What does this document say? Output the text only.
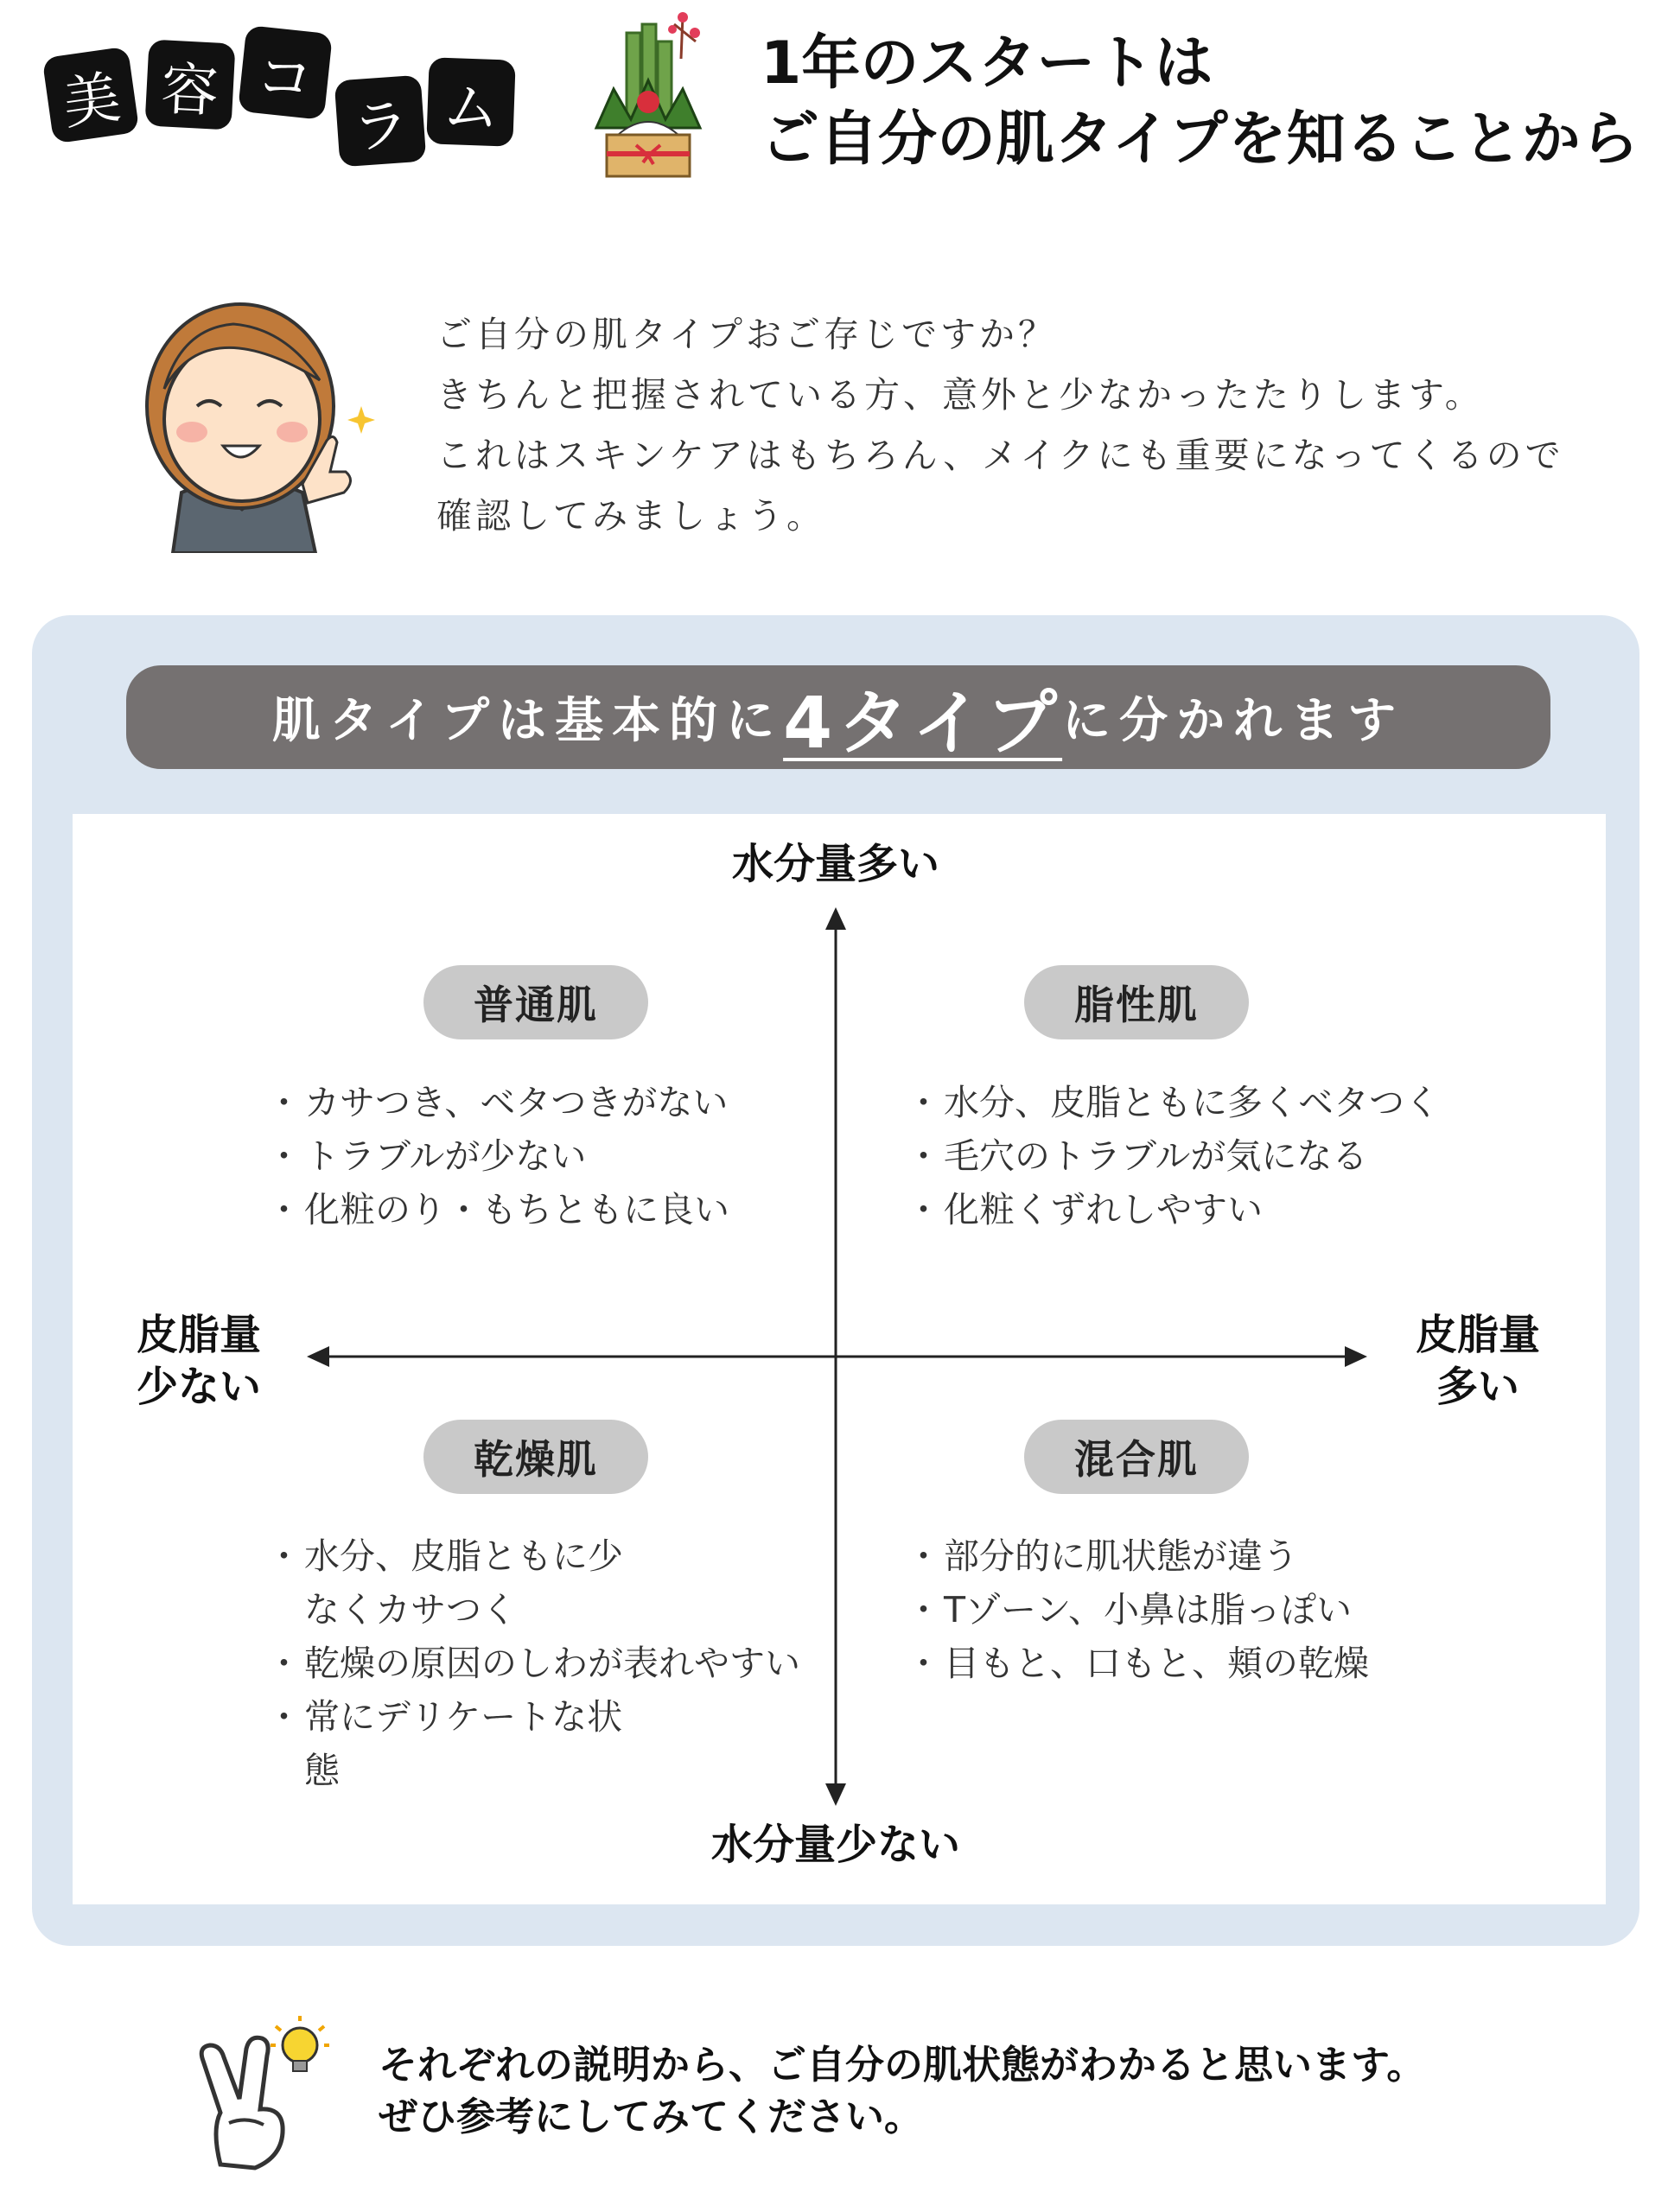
美 容 コ
ラ ム
1年のスタートは
ご自分の肌タイプを知ることから
ご自分の肌タイプおご存じですか？
きちんと把握されている方、意外と少なかったたりします。
これはスキンケアはもちろん、メイクにも重要になってくるので
確認してみましょう。
肌タイプは基本的に 4タイプ に分かれます
水分量多い
水分量少ない
皮脂量
少ない
皮脂量
多い
普通肌
・ カサつき、ベタつきがない
・ トラブルが少ない
・ 化粧のり・もちともに良い
脂性肌
・ 水分、皮脂ともに多くベタつく
・ 毛穴のトラブルが気になる
・ 化粧くずれしやすい
乾燥肌
・ 水分、皮脂ともに少なくカサつく
・ 乾燥の原因のしわが表れやすい
・ 常にデリケートな状態
混合肌
・ 部分的に肌状態が違う
・ Tゾーン、小鼻は脂っぽい
・ 目もと、口もと、頬の乾燥
それぞれの説明から、ご自分の肌状態がわかると思います。
ぜひ参考にしてみてください。
